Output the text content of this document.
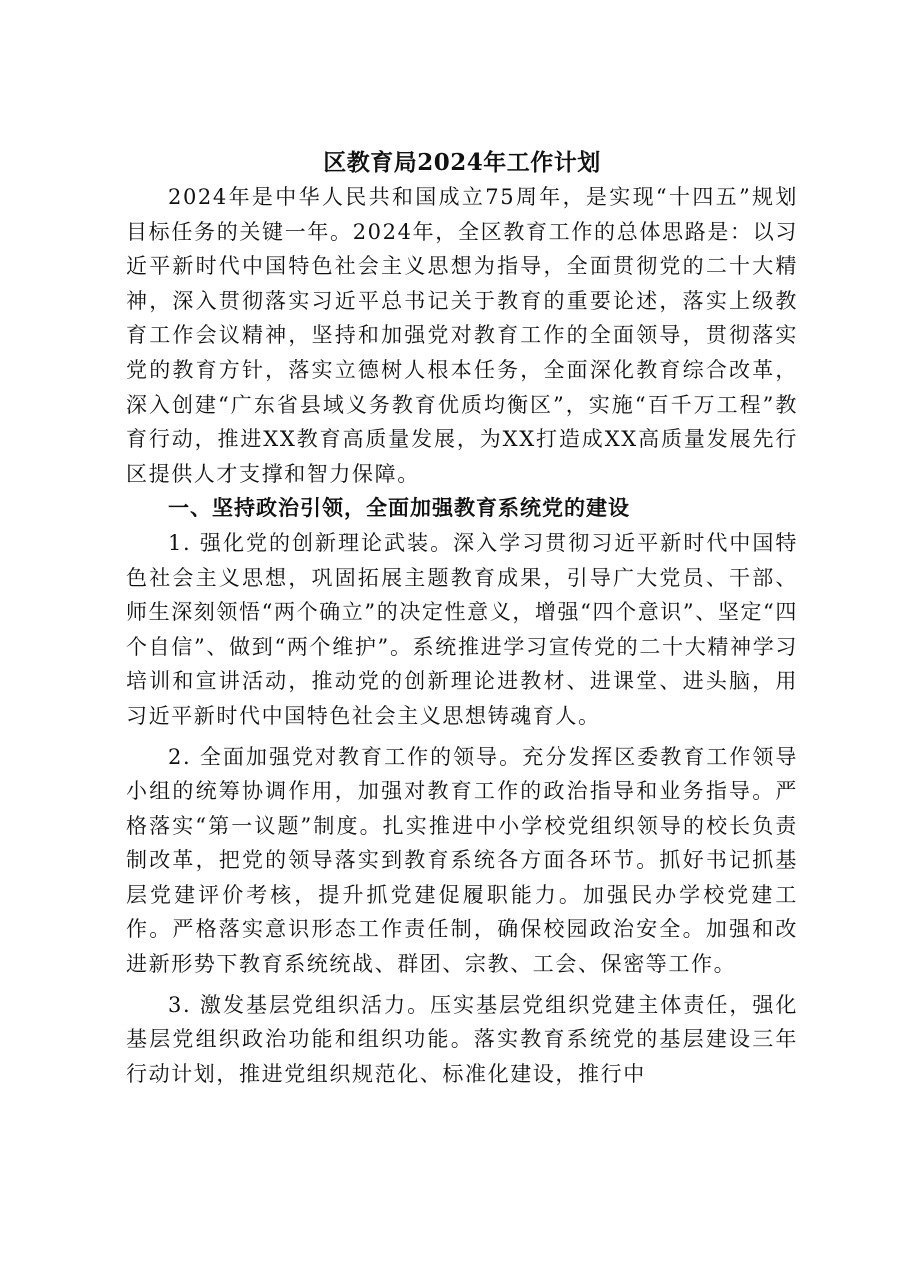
区教育局2024年工作计划

2024年是中华人民共和国成立75周年，是实现“十四五”规划目标任务的关键一年。2024年，全区教育工作的总体思路是：以习近平新时代中国特色社会主义思想为指导，全面贯彻党的二十大精神，深入贯彻落实习近平总书记关于教育的重要论述，落实上级教育工作会议精神，坚持和加强党对教育工作的全面领导，贯彻落实党的教育方针，落实立德树人根本任务，全面深化教育综合改革，深入创建“广东省县域义务教育优质均衡区”，实施“百千万工程”教育行动，推进XX教育高质量发展，为XX打造成XX高质量发展先行区提供人才支撑和智力保障。

一、坚持政治引领，全面加强教育系统党的建设

1. 强化党的创新理论武装。深入学习贯彻习近平新时代中国特色社会主义思想，巩固拓展主题教育成果，引导广大党员、干部、师生深刻领悟“两个确立”的决定性意义，增强“四个意识”、坚定“四个自信”、做到“两个维护”。系统推进学习宣传党的二十大精神学习培训和宣讲活动，推动党的创新理论进教材、进课堂、进头脑，用习近平新时代中国特色社会主义思想铸魂育人。

2. 全面加强党对教育工作的领导。充分发挥区委教育工作领导小组的统筹协调作用，加强对教育工作的政治指导和业务指导。严格落实“第一议题”制度。扎实推进中小学校党组织领导的校长负责制改革，把党的领导落实到教育系统各方面各环节。抓好书记抓基层党建评价考核，提升抓党建促履职能力。加强民办学校党建工作。严格落实意识形态工作责任制，确保校园政治安全。加强和改进新形势下教育系统统战、群团、宗教、工会、保密等工作。

3. 激发基层党组织活力。压实基层党组织党建主体责任，强化基层党组织政治功能和组织功能。落实教育系统党的基层建设三年行动计划，推进党组织规范化、标准化建设，推行中
